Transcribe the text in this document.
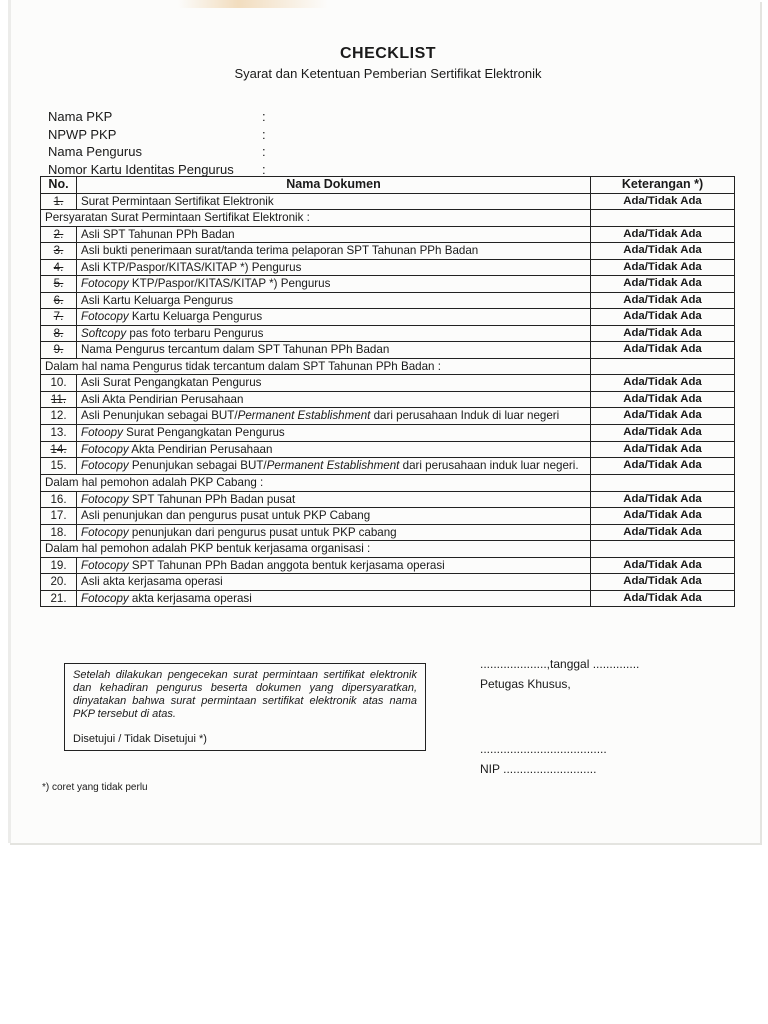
CHECKLIST
Syarat dan Ketentuan Pemberian Sertifikat Elektronik
Nama PKP	:
NPWP PKP	:
Nama Pengurus	:
Nomor Kartu Identitas Pengurus :
No.	Nama Dokumen	Keterangan *)
1.	Surat Permintaan Sertifikat Elektronik	Ada/Tidak Ada
Persyaratan Surat Permintaan Sertifikat Elektronik :		
2.	Asli SPT Tahunan PPh Badan	Ada/Tidak Ada
3.	Asli bukti penerimaan surat/tanda terima pelaporan SPT Tahunan PPh Badan	Ada/Tidak Ada
4.	Asli KTP/Paspor/KITAS/KITAP *) Pengurus	Ada/Tidak Ada
5.	Fotocopy KTP/Paspor/KITAS/KITAP *) Pengurus	Ada/Tidak Ada
6.	Asli Kartu Keluarga Pengurus	Ada/Tidak Ada
7.	Fotocopy Kartu Keluarga Pengurus	Ada/Tidak Ada
8.	Softcopy pas foto terbaru Pengurus	Ada/Tidak Ada
9.	Nama Pengurus tercantum dalam SPT Tahunan PPh Badan	Ada/Tidak Ada
Dalam hal nama Pengurus tidak tercantum dalam SPT Tahunan PPh Badan :		
10.	Asli Surat Pengangkatan Pengurus	Ada/Tidak Ada
11.	Asli Akta Pendirian Perusahaan	Ada/Tidak Ada
12.	Asli Penunjukan sebagai BUT/Permanent Establishment dari perusahaan Induk di luar negeri	Ada/Tidak Ada
13.	Fotoopy Surat Pengangkatan Pengurus	Ada/Tidak Ada
14.	Fotocopy Akta Pendirian Perusahaan	Ada/Tidak Ada
15.	Fotocopy Penunjukan sebagai BUT/Permanent Establishment dari perusahaan induk luar negeri.	Ada/Tidak Ada
Dalam hal pemohon adalah PKP Cabang :		
16.	Fotocopy SPT Tahunan PPh Badan pusat	Ada/Tidak Ada
17.	Asli penunjukan dan pengurus pusat untuk PKP Cabang	Ada/Tidak Ada
18.	Fotocopy penunjukan dari pengurus pusat untuk PKP cabang	Ada/Tidak Ada
Dalam hal pemohon adalah PKP bentuk kerjasama organisasi :		
19.	Fotocopy SPT Tahunan PPh Badan anggota bentuk kerjasama operasi	Ada/Tidak Ada
20.	Asli akta kerjasama operasi	Ada/Tidak Ada
21.	Fotocopy akta kerjasama operasi	Ada/Tidak Ada

Setelah dilakukan pengecekan surat permintaan sertifikat elektronik dan kehadiran pengurus beserta dokumen yang dipersyaratkan, dinyatakan bahwa surat permintaan sertifikat elektronik atas nama PKP tersebut di atas.

Disetujui / Tidak Disetujui *)

....................,tanggal ..............
Petugas Khusus,
......................................
NIP ............................
*) coret yang tidak perlu
